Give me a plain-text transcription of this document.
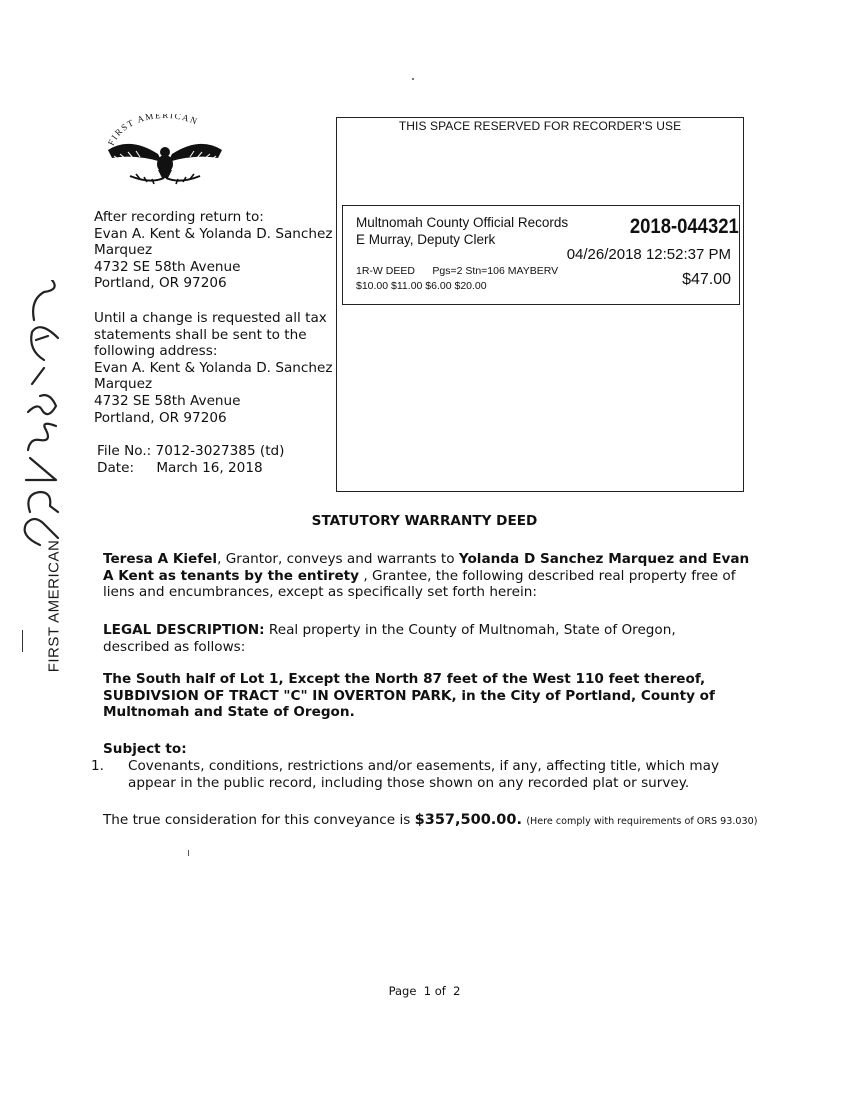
FIRST AMERICAN
After recording return to:
Evan A. Kent & Yolanda D. Sanchez
Marquez
4732 SE 58th Avenue
Portland, OR 97206
Until a change is requested all tax
statements shall be sent to the
following address:
Evan A. Kent & Yolanda D. Sanchez
Marquez
4732 SE 58th Avenue
Portland, OR 97206
File No.: 7012-3027385 (td)
Date: March 16, 2018
THIS SPACE RESERVED FOR RECORDER'S USE
Multnomah County Official Records
E Murray, Deputy Clerk
2018-044321
04/26/2018 12:52:37 PM
1R-W DEED      Pgs=2 Stn=106 MAYBERV
$10.00 $11.00 $6.00 $20.00	$47.00
FIRST AMERICAN
STATUTORY WARRANTY DEED
Teresa A Kiefel, Grantor, conveys and warrants to Yolanda D Sanchez Marquez and Evan A Kent as tenants by the entirety , Grantee, the following described real property free of liens and encumbrances, except as specifically set forth herein:
LEGAL DESCRIPTION: Real property in the County of Multnomah, State of Oregon, described as follows:
The South half of Lot 1, Except the North 87 feet of the West 110 feet thereof, SUBDIVSION OF TRACT "C" IN OVERTON PARK, in the City of Portland, County of Multnomah and State of Oregon.
Subject to:
1. Covenants, conditions, restrictions and/or easements, if any, affecting title, which may appear in the public record, including those shown on any recorded plat or survey.
The true consideration for this conveyance is $357,500.00. (Here comply with requirements of ORS 93.030)
Page  1 of  2
